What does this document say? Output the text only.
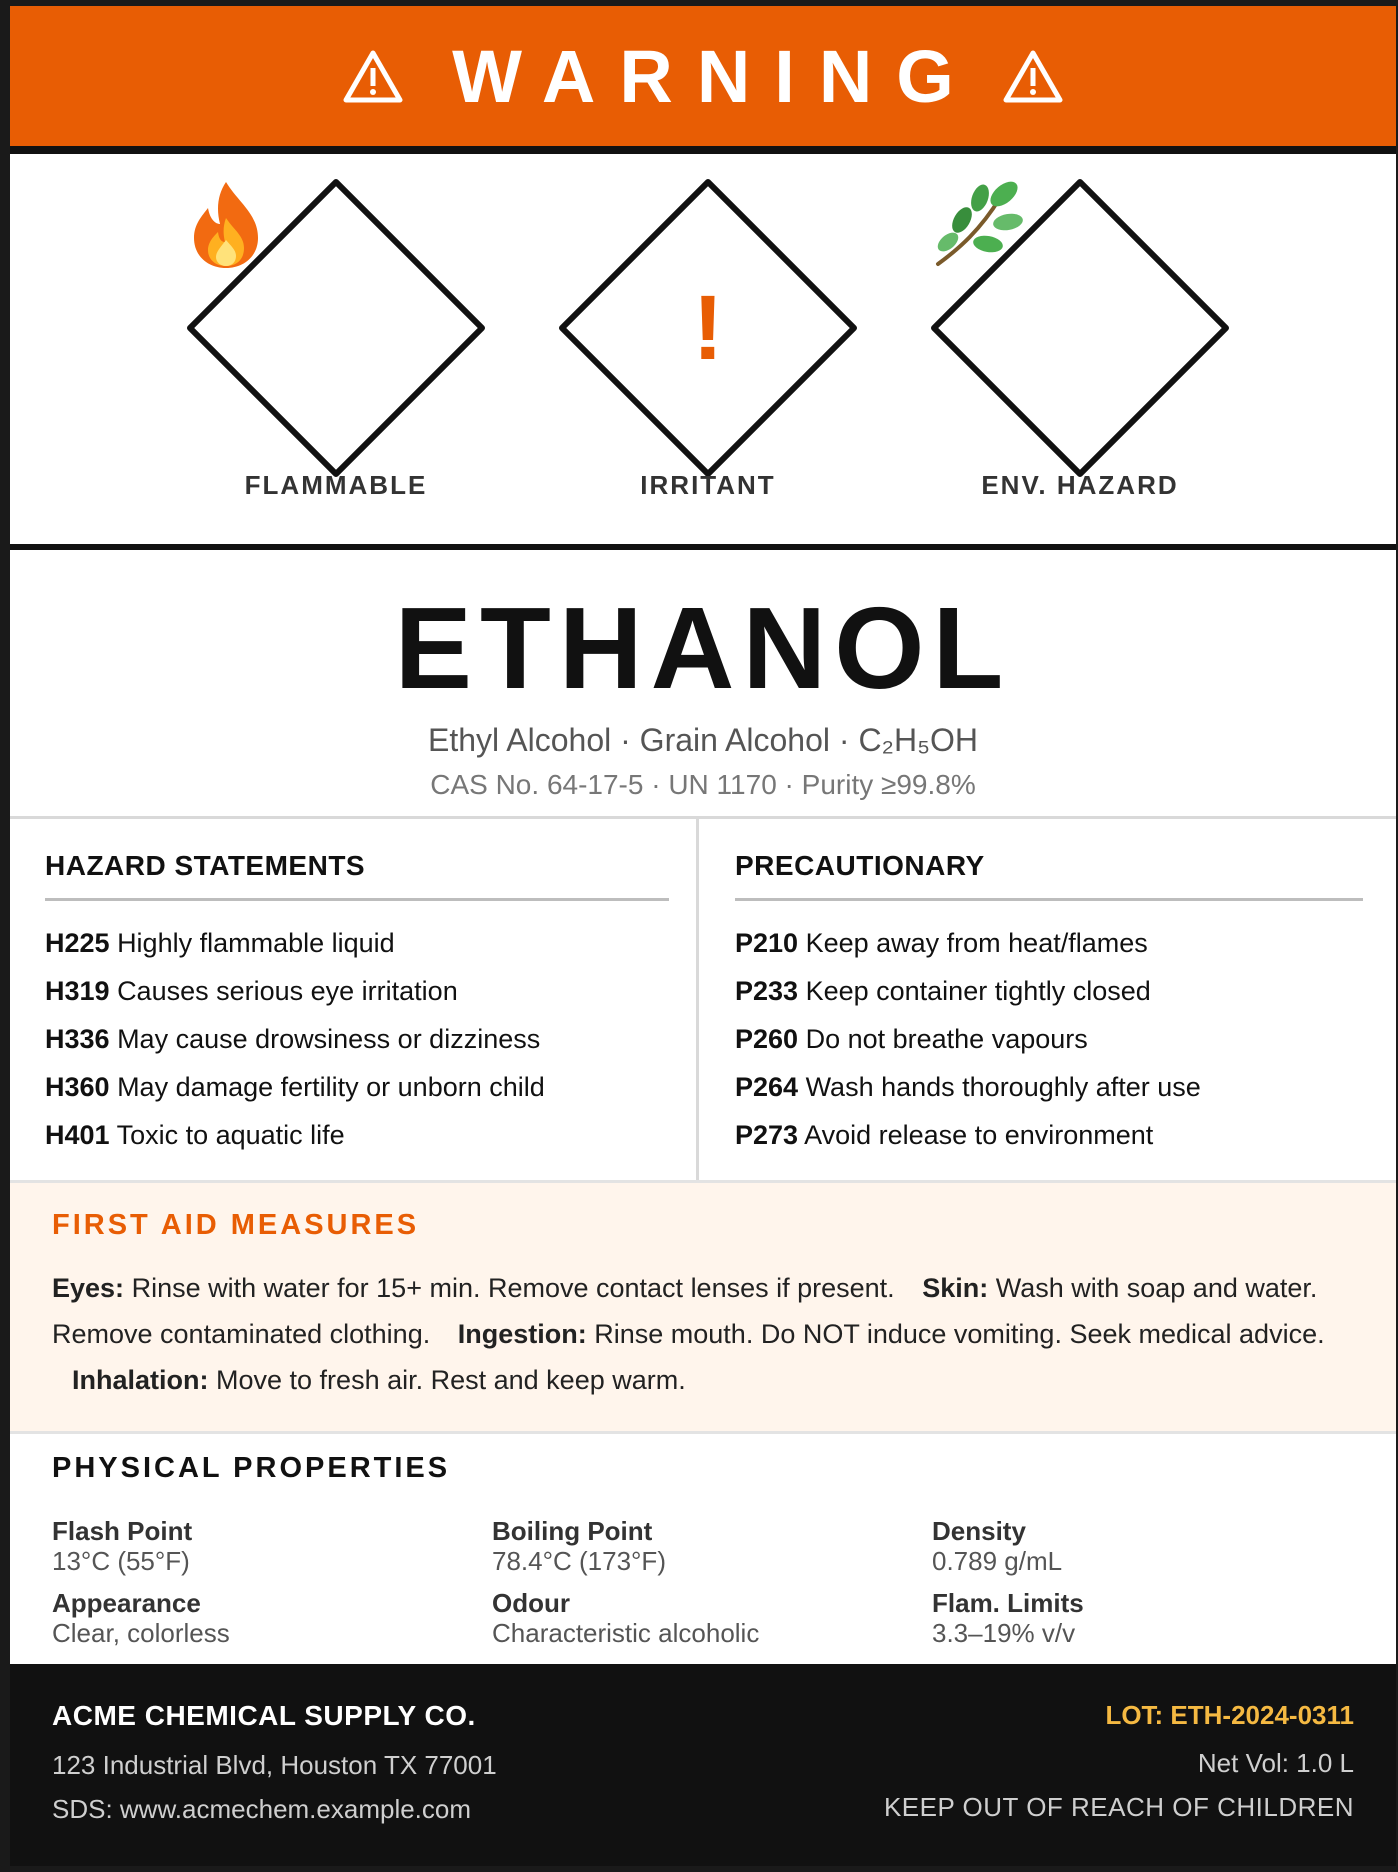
WARNING
FLAMMABLE
!
IRRITANT	ENV. HAZARD
ETHANOL
Ethyl Alcohol · Grain Alcohol · C₂H₅OH
CAS No. 64-17-5 · UN 1170 · Purity ≥99.8%
HAZARD STATEMENTS
H225 Highly flammable liquid
H319 Causes serious eye irritation
H336 May cause drowsiness or dizziness
H360 May damage fertility or unborn child
H401 Toxic to aquatic life
PRECAUTIONARY
P210 Keep away from heat/flames
P233 Keep container tightly closed
P260 Do not breathe vapours
P264 Wash hands thoroughly after use
P273 Avoid release to environment
FIRST AID MEASURES

Eyes: Rinse with water for 15+ min. Remove contact lenses if present. Skin: Wash with soap and water. Remove contaminated clothing. Ingestion: Rinse mouth. Do NOT induce vomiting. Seek medical advice. Inhalation: Move to fresh air. Rest and keep warm.

PHYSICAL PROPERTIES
Flash Point
13°C (55°F)
Boiling Point
78.4°C (173°F)
Density
0.789 g/mL
Appearance
Clear, colorless
Odour
Characteristic alcoholic
Flam. Limits
3.3–19% v/v
ACME CHEMICAL SUPPLY CO.
123 Industrial Blvd, Houston TX 77001
SDS: www.acmechem.example.com
LOT: ETH-2024-0311
Net Vol: 1.0 L
KEEP OUT OF REACH OF CHILDREN
